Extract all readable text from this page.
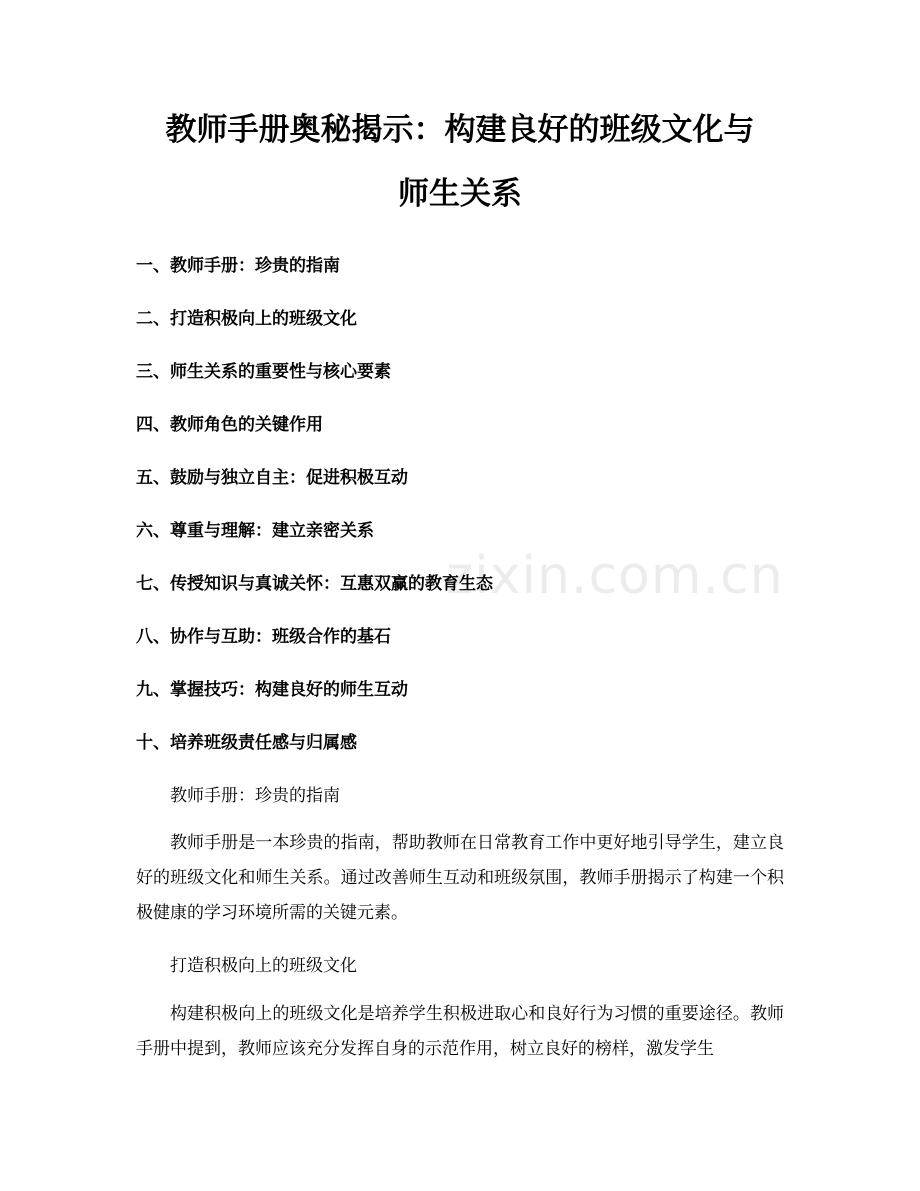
教师手册奥秘揭示：构建良好的班级文化与
师生关系
一、教师手册：珍贵的指南
二、打造积极向上的班级文化
三、师生关系的重要性与核心要素
四、教师角色的关键作用
五、鼓励与独立自主：促进积极互动
六、尊重与理解：建立亲密关系
七、传授知识与真诚关怀：互惠双赢的教育生态
八、协作与互助：班级合作的基石
九、掌握技巧：构建良好的师生互动
十、培养班级责任感与归属感

教师手册：珍贵的指南

教师手册是一本珍贵的指南，帮助教师在日常教育工作中更好地引导学生，建立良好的班级文化和师生关系。通过改善师生互动和班级氛围，教师手册揭示了构建一个积极健康的学习环境所需的关键元素。

打造积极向上的班级文化

构建积极向上的班级文化是培养学生积极进取心和良好行为习惯的重要途径。教师手册中提到，教师应该充分发挥自身的示范作用，树立良好的榜样，激发学生

zixin.com.cn
